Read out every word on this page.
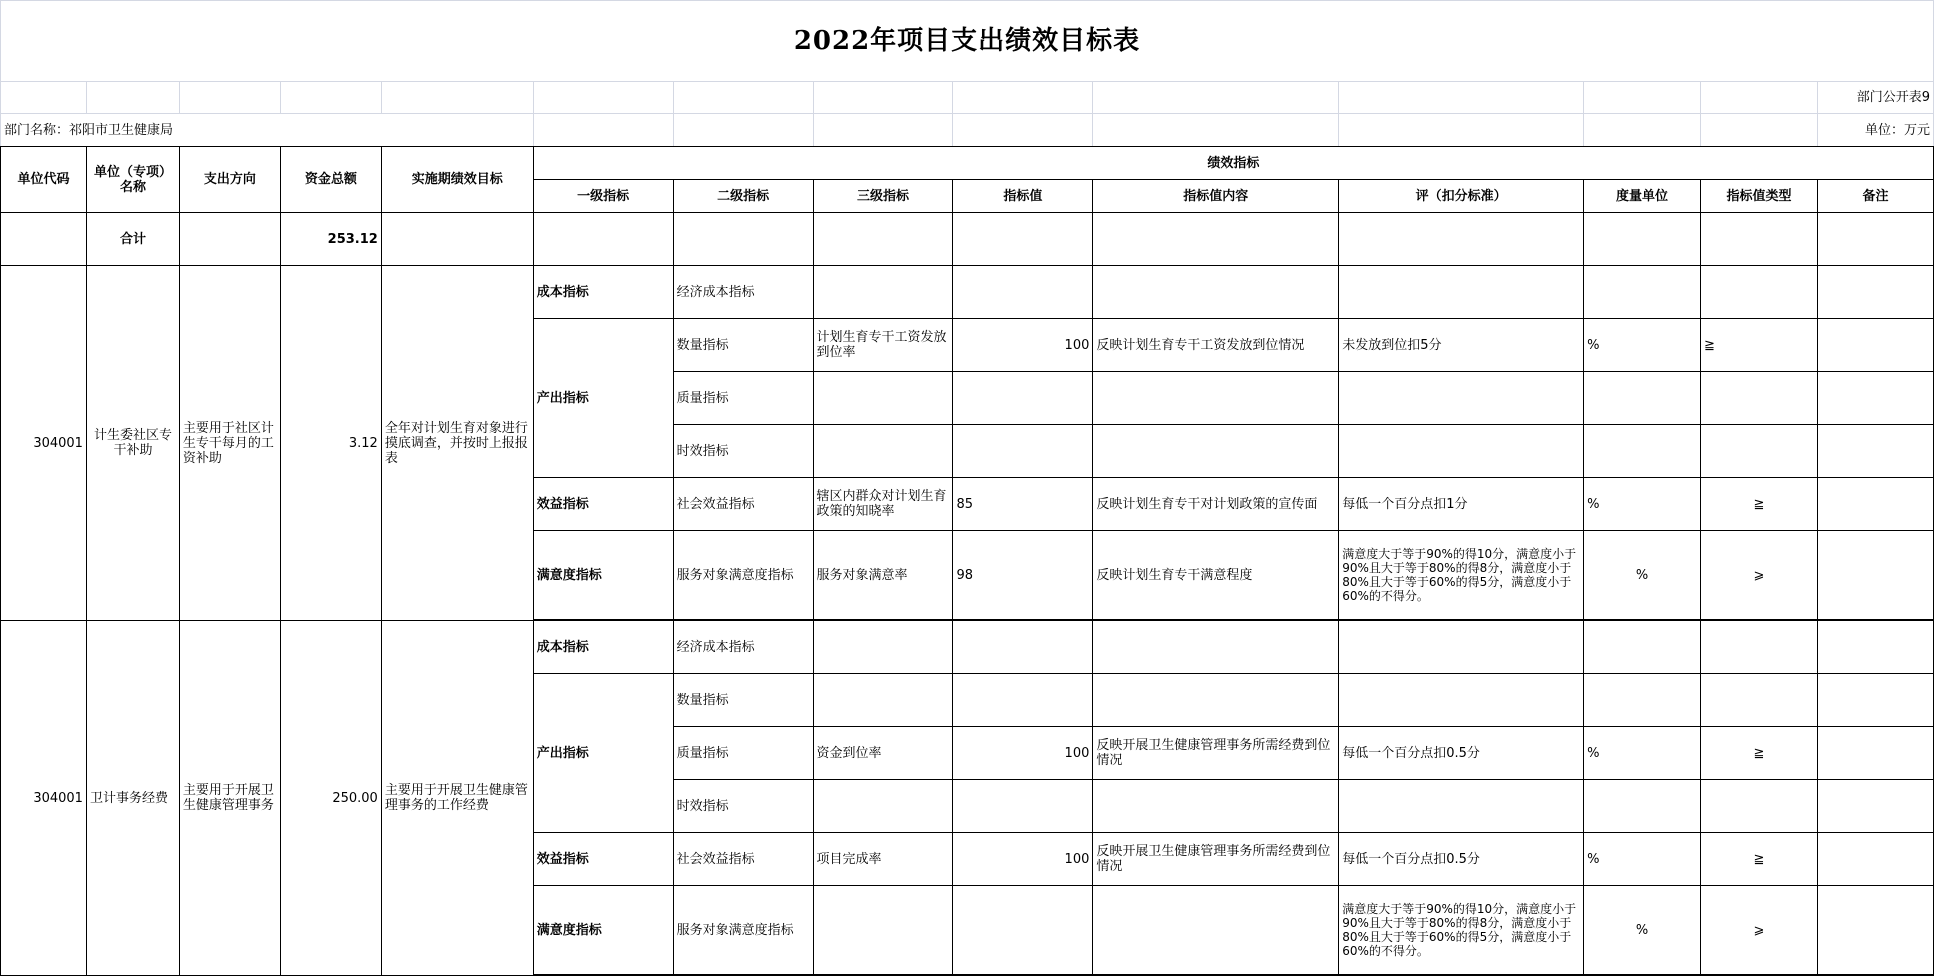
2022年项目支出绩效目标表													
													部门公开表9
部门名称：祁阳市卫生健康局													单位：万元
单位代码	单位（专项）名称	支出方向	资金总额	实施期绩效目标	绩效指标								
					一级指标	二级指标	三级指标	指标值	指标值内容	评（扣分标准）	度量单位	指标值类型	备注
	合计		253.12										
304001	计生委社区专干补助	主要用于社区计生专干每月的工资补助	3.12	全年对计划生育对象进行摸底调查，并按时上报报表	成本指标	经济成本指标							
					产出指标	数量指标	计划生育专干工资发放到位率	100	反映计划生育专干工资发放到位情况	未发放到位扣5分	%	≧	
						质量指标							
						时效指标							
					效益指标	社会效益指标	辖区内群众对计划生育政策的知晓率	85	反映计划生育专干对计划政策的宣传面	每低一个百分点扣1分	%	≧	
					满意度指标	服务对象满意度指标	服务对象满意率	98	反映计划生育专干满意程度	满意度大于等于90%的得10分，满意度小于90%且大于等于80%的得8分，满意度小于80%且大于等于60%的得5分，满意度小于60%的不得分。	%	⩾	

304001	卫计事务经费	主要用于开展卫生健康管理事务	250.00	主要用于开展卫生健康管理事务的工作经费	成本指标	经济成本指标							
					产出指标	数量指标							
						质量指标	资金到位率	100	反映开展卫生健康管理事务所需经费到位情况	每低一个百分点扣0.5分	%	≧	
						时效指标							
					效益指标	社会效益指标	项目完成率	100	反映开展卫生健康管理事务所需经费到位情况	每低一个百分点扣0.5分	%	≧	
					满意度指标	服务对象满意度指标				满意度大于等于90%的得10分，满意度小于90%且大于等于80%的得8分，满意度小于80%且大于等于60%的得5分，满意度小于60%的不得分。	%	⩾	
